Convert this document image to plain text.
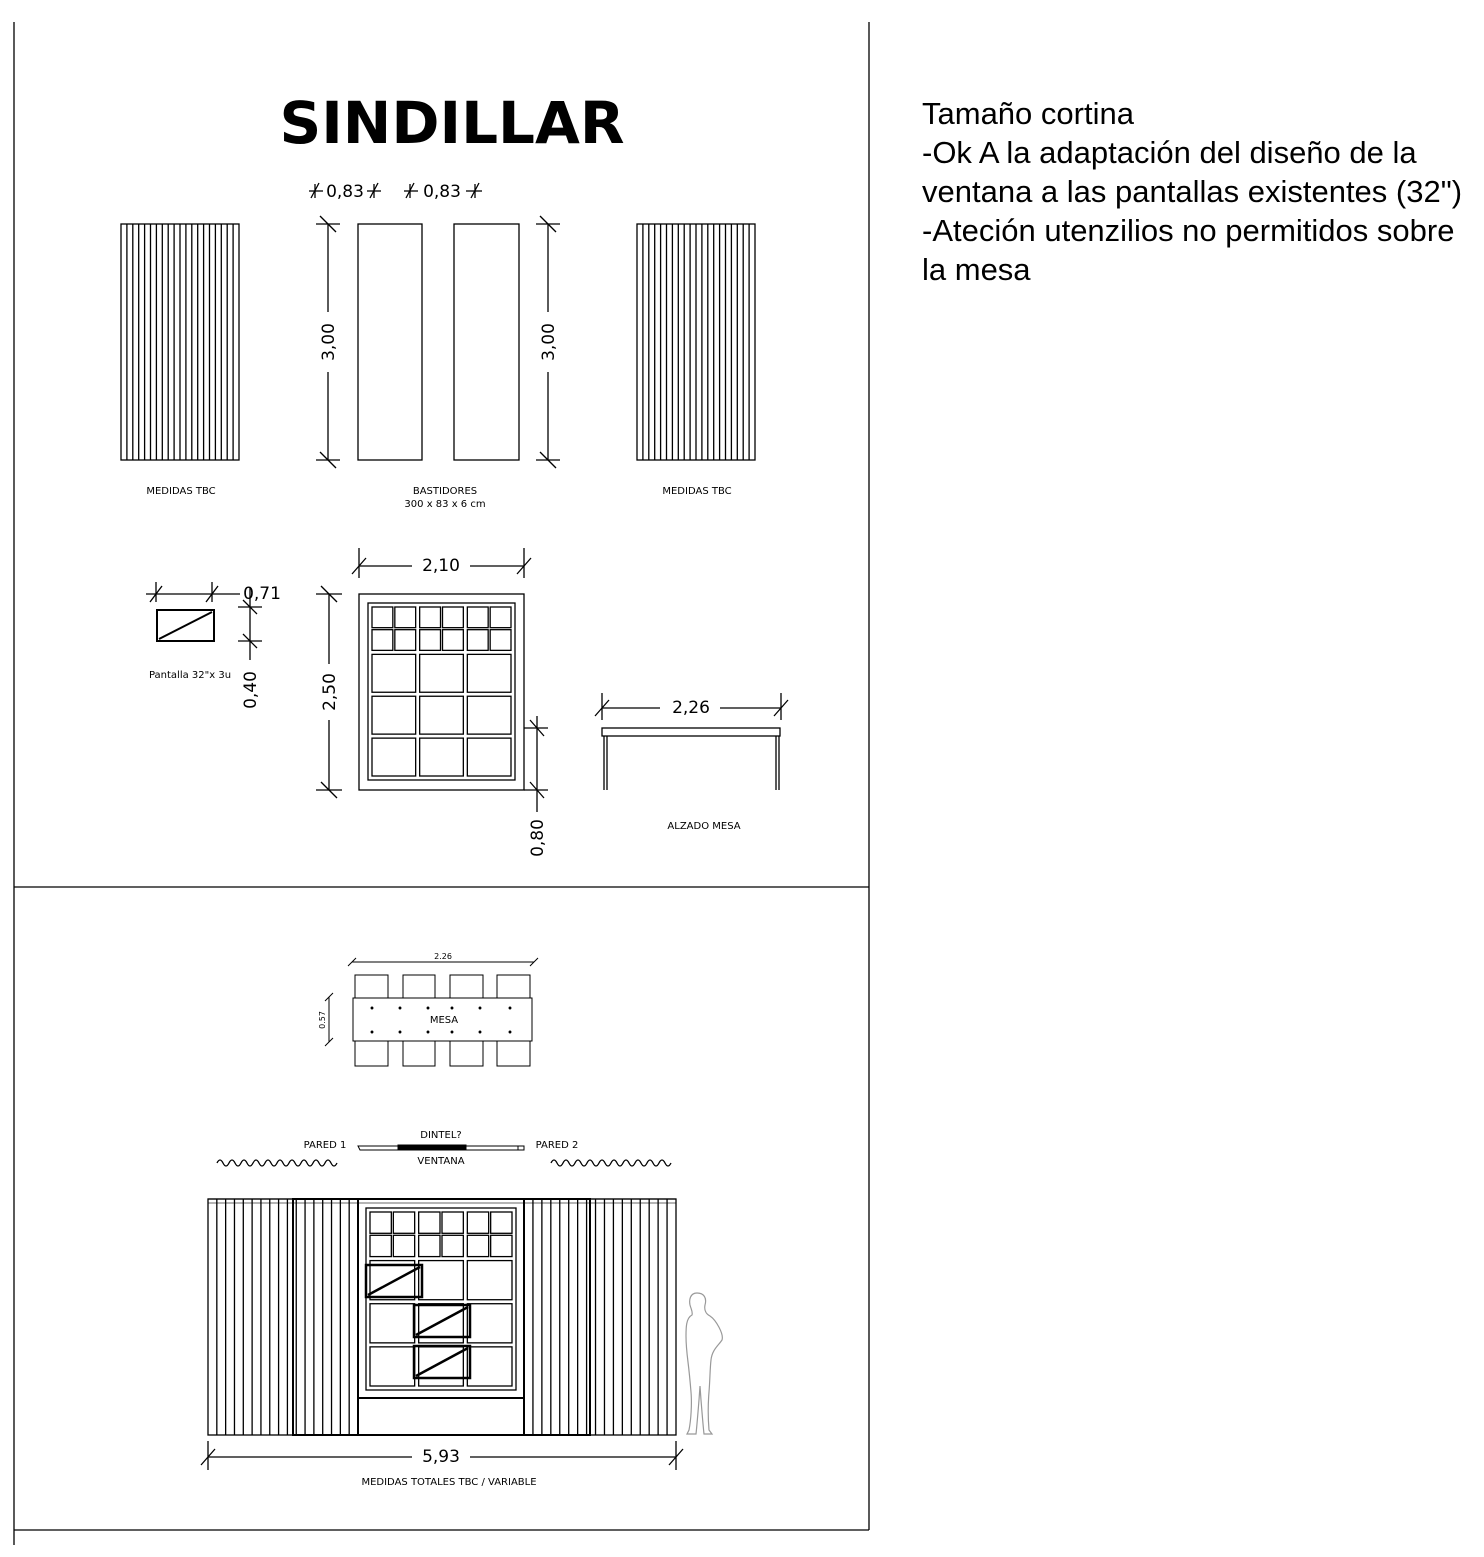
SINDILLAR
0,83	0,83
3,00	3,00
MEDIDAS TBC	BASTIDORES
300 x 83 x 6 cm
MEDIDAS TBC
0,71
0,40
Pantalla 32"x 3u
2,10
2,50
0,80
2,26
ALZADO MESA
2.26
0.57	MESA
PARED 1	PARED 2
DINTEL?
VENTANA
5,93
MEDIDAS TOTALES TBC / VARIABLE
Tamaño cortina
-Ok A la adaptación del diseño de la ventana a las pantallas existentes (32")
-Ateción utenzilios no permitidos sobre la mesa
